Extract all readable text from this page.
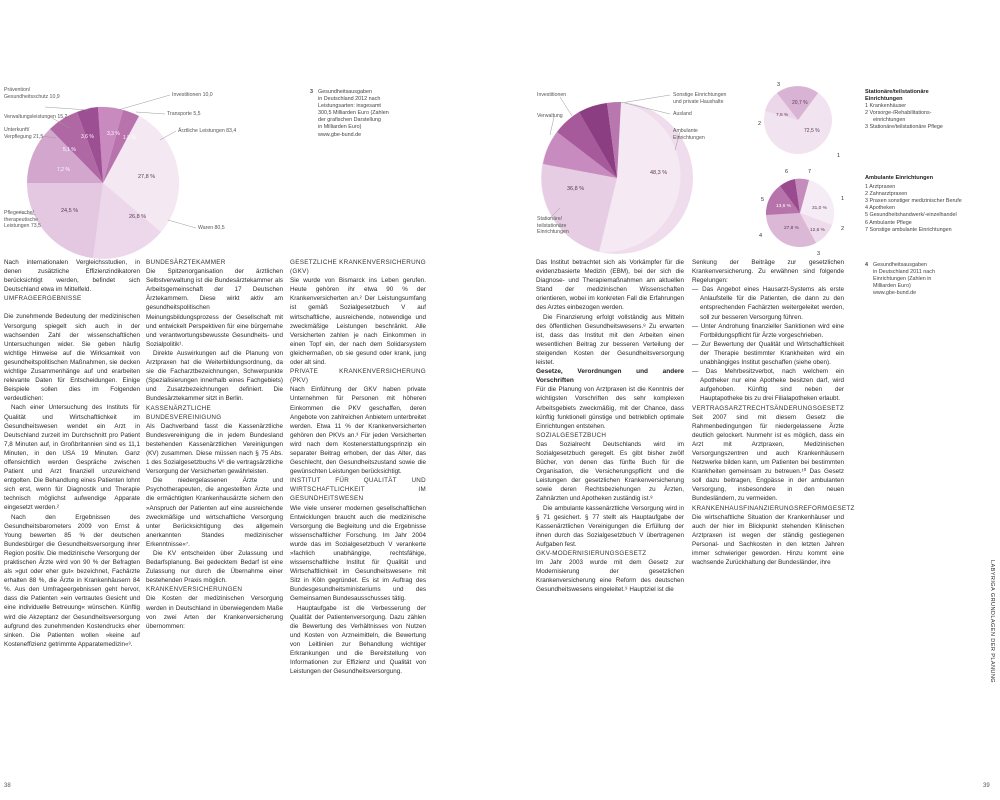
27,8 %
26,8 %
24,5 %
7,2 %
5,1 %
3,6 %	3,3 %
1,8 %
Prävention/
Gesundheitsschutz 10,9
Verwaltungsleistungen 15,2
Unterkunft/
Verpflegung 21,5
Pflegerische/
therapeutische
Leistungen 73,5
Investitionen 10,0
Transporte 5,5
Ärztliche Leistungen 83,4
Waren 80,5
3 Gesundheitsausgaben
in Deutschland 2012 nach
Leistungsarten: insgesamt
300,5 Milliarden Euro (Zahlen
der grafischen Darstellung
in Milliarden Euro)
www.gbe-bund.de

Nach internationalen Vergleichsstudien, in denen zusätzliche Effizienzindikatoren berücksichtigt werden, befindet sich Deutschland etwa im Mittelfeld.

UMFRAGEERGEBNISSE

Die zunehmende Bedeutung der medizinischen Versorgung spiegelt sich auch in der wachsenden Zahl der wissenschaftlichen Untersuchungen wider. Sie geben häufig wichtige Hinweise auf die Wirksamkeit von gesundheitspolitischen Maßnahmen, sie decken wichtige Zusammenhänge auf und erarbeiten relevante Daten für Entscheidungen. Einige Beispiele sollen dies im Folgenden verdeutlichen:

Nach einer Untersuchung des Instituts für Qualität und Wirtschaftlichkeit im Gesundheitswesen wendet ein Arzt in Deutschland zurzeit im Durchschnitt pro Patient 7,8 Minuten auf, in Großbritannien sind es 11,1 Minuten, in den USA 19 Minuten. Ganz offensichtlich werden Gespräche zwischen Patient und Arzt finanziell unzureichend entgolten. Die Behandlung eines Patienten lohnt sich erst, wenn für Diagnostik und Therapie technisch möglichst aufwendige Apparate eingesetzt werden.²

Nach den Ergebnissen des Gesundheitsbarometers 2009 von Ernst & Young bewerten 85 % der deutschen Bundesbürger die Gesundheitsversorgung ihrer Region positiv. Die medizinische Versorgung der praktischen Ärzte wird von 90 % der Befragten als »gut oder eher gut« bezeichnet, Fachärzte erhalten 88 %, die Ärzte in Krankenhäusern 84 %. Aus den Umfrageergebnissen geht hervor, dass die Patienten »ein vertrautes Gesicht und eine individuelle Betreuung« wünschen. Künftig wird die Akzeptanz der Gesundheitsversorgung aufgrund des zunehmenden Kostendrucks eher sinken. Die Patienten wollen »keine auf Kosteneffizienz getrimmte Apparatemedizin«³.

BUNDESÄRZTEKAMMER

Die Spitzenorganisation der ärztlichen Selbstverwaltung ist die Bundesärztekammer als Arbeitsgemeinschaft der 17 Deutschen Ärztekammern. Diese wirkt aktiv am gesundheitspolitischen Meinungsbildungsprozess der Gesellschaft mit und entwickelt Perspektiven für eine bürgernahe und verantwortungsbewusste Gesundheits- und Sozialpolitik¹.

Direkte Auswirkungen auf die Planung von Arztpraxen hat die Weiterbildungsordnung, da sie die Facharztbezeichnungen, Schwerpunkte (Spezialisierungen innerhalb eines Fachgebiets) und Zusatzbezeichnungen definiert. Die Bundesärztekammer sitzt in Berlin.

KASSENÄRZTLICHE BUNDESVEREINIGUNG

Als Dachverband fasst die Kassenärztliche Bundesvereinigung die in jedem Bundesland bestehenden Kassenärztlichen Vereinigungen (KV) zusammen. Diese müssen nach § 75 Abs. 1 des Sozialgesetzbuchs V⁶ die vertragsärztliche Versorgung der Versicherten gewährleisten.

Die niedergelassenen Ärzte und Psychotherapeuten, die angestellten Ärzte und die ermächtigten Krankenhausärzte sichern den »Anspruch der Patienten auf eine ausreichende zweckmäßige und wirtschaftliche Versorgung unter Berücksichtigung des allgemein anerkannten Standes medizinischer Erkenntnisse«⁷.

Die KV entscheiden über Zulassung und Bedarfsplanung. Bei gedecktem Bedarf ist eine Zulassung nur durch die Übernahme einer bestehenden Praxis möglich.

KRANKENVERSICHERUNGEN

Die Kosten der medizinischen Versorgung werden in Deutschland in überwiegendem Maße von zwei Arten der Krankenversicherung übernommen:

GESETZLICHE KRANKENVERSICHERUNG (GKV)

Sie wurde von Bismarck ins Leben gerufen. Heute gehören ihr etwa 90 % der Krankenversicherten an.² Der Leistungsumfang ist gemäß Sozialgesetzbuch V auf wirtschaftliche, ausreichende, notwendige und zweckmäßige Leistungen beschränkt. Alle Versicherten zahlen je nach Einkommen in einen Topf ein, der nach dem Solidarsystem gleichermaßen, ob sie gesund oder krank, jung oder alt sind.

PRIVATE KRANKENVERSICHERUNG (PKV)

Nach Einführung der GKV haben private Unternehmen für Personen mit höheren Einkommen die PKV geschaffen, deren Angebote von zahlreichen Anbietern unterbreitet werden. Etwa 11 % der Krankenversicherten gehören den PKVs an.³ Für jeden Versicherten wird nach dem Kostenerstattungsprinzip ein separater Beitrag erhoben, der das Alter, das Geschlecht, den Gesundheitszustand sowie die gewünschten Leistungen berücksichtigt.

INSTITUT FÜR QUALITÄT UND WIRTSCHAFTLICHKEIT IM GESUNDHEITSWESEN

Wie viele unserer modernen gesellschaftlichen Entwicklungen braucht auch die medizinische Versorgung die Begleitung und die Ergebnisse wissenschaftlicher Forschung. Im Jahr 2004 wurde das im Sozialgesetzbuch V verankerte »fachlich unabhängige, rechtsfähige, wissenschaftliche Institut für Qualität und Wirtschaftlichkeit im Gesundheitswesen« mit Sitz in Köln gegründet. Es ist im Auftrag des Bundesgesundheitsministeriums und des Gemeinsamen Bundesausschusses tätig.

Hauptaufgabe ist die Verbesserung der Qualität der Patientenversorgung. Dazu zählen die Bewertung des Verhältnisses von Nutzen und Kosten von Arzneimitteln, die Bewertung von Leitlinien zur Behandlung wichtiger Erkrankungen und die Bereitstellung von Informationen zur Effizienz und Qualität von Leistungen der Gesundheitsversorgung.

38
48,3 %
36,8 %
Investitionen
Verwaltung
Stationäre/
teilstationäre
Einrichtungen
Sonstige Einrichtungen
und private Haushalte
Ausland
Ambulante
Einrichtungen
72,5 %
20,7 %
7,6 %
3
2
1
31,0 %
12,6 %
27,8 %
13,6 %
6	7
5	1
2
4
3
Stationäre/teilstationäre
Einrichtungen
1 Krankenhäuser
2 Vorsorge-/Rehabilitations-
einrichtungen
3 Stationäre/teilstationäre Pflege
Ambulante Einrichtungen
1 Arztpraxen
2 Zahnarztpraxen
3 Praxen sonstiger medizinischer Berufe
4 Apotheken
5 Gesundheitshandwerk/-einzelhandel
6 Ambulante Pflege
7 Sonstige ambulante Einrichtungen
4 Gesundheitsausgaben
in Deutschland 2011 nach
Einrichtungen (Zahlen in
Milliarden Euro)
www.gbe-bund.de

Das Institut betrachtet sich als Vorkämpfer für die evidenzbasierte Medizin (EBM), bei der sich die Diagnose- und Therapiemaßnahmen am aktuellen Stand der medizinischen Wissenschaften orientieren, wobei im konkreten Fall die Erfahrungen des Arztes einbezogen werden.

Die Finanzierung erfolgt vollständig aus Mitteln des öffentlichen Gesundheitswesens.⁸ Zu erwarten ist, dass das Institut mit den Arbeiten einen wesentlichen Beitrag zur besseren Verteilung der steigenden Kosten der Gesundheitsversorgung leistet.

Gesetze, Verordnungen und andere Vorschriften

Für die Planung von Arztpraxen ist die Kenntnis der wichtigsten Vorschriften des sehr komplexen Arbeitsgebiets zweckmäßig, mit der Chance, dass künftig funktionell günstige und betrieblich optimale Einrichtungen entstehen.

SOZIALGESETZBUCH

Das Sozialrecht Deutschlands wird im Sozialgesetzbuch geregelt. Es gibt bisher zwölf Bücher, von denen das fünfte Buch für die Organisation, die Versicherungspflicht und die Leistungen der gesetzlichen Krankenversicherung sowie deren Rechtsbeziehungen zu Ärzten, Zahnärzten und Apotheken zuständig ist.⁸

Die ambulante kassenärztliche Versorgung wird in § 71 gesichert. § 77 stellt als Hauptaufgabe der Kassenärztlichen Vereinigungen die Erfüllung der ihnen durch das Sozialgesetzbuch V übertragenen Aufgaben fest.

GKV-MODERNISIERUNGSGESETZ

Im Jahr 2003 wurde mit dem Gesetz zur Modernisierung der gesetzlichen Krankenversicherung eine Reform des deutschen Gesundheitswesens eingeleitet.⁹ Hauptziel ist die

Senkung der Beiträge zur gesetzlichen Krankenversicherung. Zu erwähnen sind folgende Regelungen:

— Das Angebot eines Hausarzt-Systems als erste Anlaufstelle für die Patienten, die dann zu den entsprechenden Fachärzten weitergeleitet werden, soll zur besseren Versorgung führen.

— Unter Androhung finanzieller Sanktionen wird eine Fortbildungspflicht für Ärzte vorgeschrieben.

— Zur Bewertung der Qualität und Wirtschaftlichkeit der Therapie bestimmter Krankheiten wird ein unabhängiges Institut geschaffen (siehe oben).

— Das Mehrbesitzverbot, nach welchem ein Apotheker nur eine Apotheke besitzen darf, wird aufgehoben. Künftig sind neben der Hauptapotheke bis zu drei Filialapotheken erlaubt.

VERTRAGSARZTRECHTSÄNDERUNGSGESETZ

Seit 2007 sind mit diesem Gesetz die Rahmenbedingungen für niedergelassene Ärzte deutlich gelockert. Nunmehr ist es möglich, dass ein Arzt mit Arztpraxen, Medizinischen Versorgungszentren und auch Krankenhäusern Netzwerke bilden kann, um Patienten bei bestimmten Krankheiten gemeinsam zu betreuen.¹⁰ Das Gesetz soll dazu beitragen, Engpässe in der ambulanten Versorgung, insbesondere in den neuen Bundesländern, zu vermeiden.

KRANKENHAUSFINANZIERUNGSREFORMGESETZ

Die wirtschaftliche Situation der Krankenhäuser und auch der hier im Blickpunkt stehenden Klinischen Arztpraxen ist wegen der ständig gestiegenen Personal- und Sachkosten in den letzten Jahren immer schwieriger geworden. Hinzu kommt eine wachsende Zurückhaltung der Bundesländer, ihre	LABYRIGA GRUNDLAGEN DER PLANUNG
39
